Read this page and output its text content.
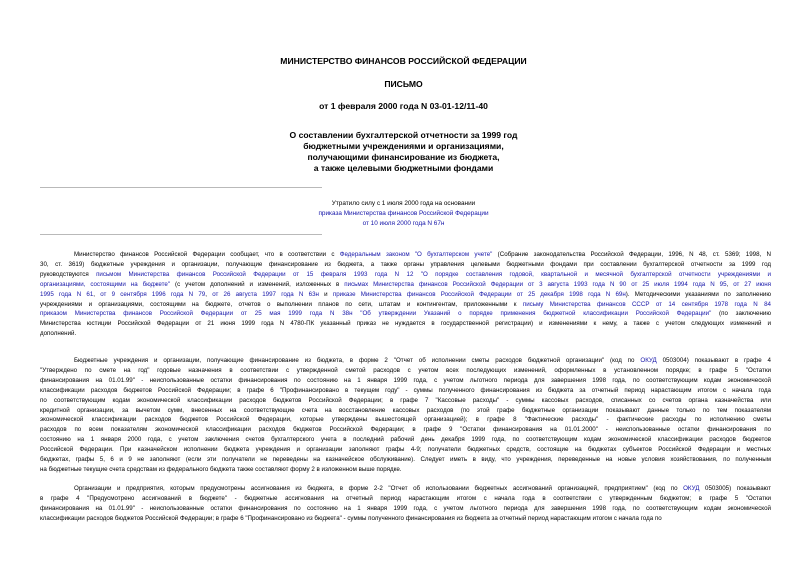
МИНИСТЕРСТВО ФИНАНСОВ РОССИЙСКОЙ ФЕДЕРАЦИИ
ПИСЬМО
от 1 февраля 2000 года N 03-01-12/11-40
О составлении бухгалтерской отчетности за 1999 год
бюджетными учреждениями и организациями,
получающими финансирование из бюджета,
а также целевыми бюджетными фондами
Утратило силу с 1 июля 2000 года на основании
приказа Министерства финансов Российской Федерации
от 10 июля 2000 года N 67н

Министерство финансов Российской Федерации сообщает, что в соответствии с Федеральным законом "О бухгалтерском учете" (Собрание законодательства Российской Федерации, 1996, N 48, ст. 5369; 1998, N
30, ст. 3619) бюджетные учреждения и организации, получающие финансирование из бюджета, а также органы управления целевыми бюджетными фондами при составлении бухгалтерской отчетности за 1999 год
руководствуются письмом Министерства финансов Российской Федерации от 15 февраля 1993 года N 12 "О порядке составления годовой, квартальной и месячной бухгалтерской отчетности учреждениями и
организациями, состоящими на бюджете" (с учетом дополнений и изменений, изложенных в письмах Министерства финансов Российской Федерации от 3 августа 1993 года N 90 от 25 июля 1994 года N 95, от 27 июня
1995 года N 61, от 9 сентября 1996 года N 79, от 26 августа 1997 года N 63н и приказе Министерства финансов Российской Федерации от 25 декабря 1998 года N 69н). Методическими указаниями по заполнению
учреждениями и организациями, состоящими на бюджете, отчетов о выполнении планов по сети, штатам и контингентам, приложенными к письму Министерства финансов СССР от 14 сентября 1978 года N 84
приказом Министерства финансов Российской Федерации от 25 мая 1999 года N 38н "Об утверждении Указаний о порядке применения бюджетной классификации Российской Федерации" (по заключению
Министерства юстиции Российской Федерации от 21 июня 1999 года N 4780-ПК указанный приказ не нуждается в государственной регистрации) и изменениями к нему, а также с учетом следующих изменений и
дополнений.

Бюджетные учреждения и организации, получающие финансирование из бюджета, в форме 2 "Отчет об исполнении сметы расходов бюджетной организации" (код по ОКУД 0503004) показывают в графе 4
"Утверждено по смете на год" годовые назначения в соответствии с утвержденной сметой расходов с учетом всех последующих изменений, оформленных в установленном порядке; в графе 5 "Остатки
финансирования на 01.01.99" - неиспользованные остатки финансирования по состоянию на 1 января 1999 года, с учетом льготного периода для завершения 1998 года, по соответствующим кодам экономической
классификации расходов бюджетов Российской Федерации; в графе 6 "Профинансировано в текущем году" - суммы полученного финансирования из бюджета за отчетный период нарастающим итогом с начала года
по соответствующим кодам экономической классификации расходов бюджетов Российской Федерации; в графе 7 "Кассовые расходы" - суммы кассовых расходов, списанных со счетов органа казначейства или
кредитной организации, за вычетом сумм, внесенных на соответствующие счета на восстановление кассовых расходов (по этой графе бюджетные организации показывают данные только по тем показателям
экономической классификации расходов бюджетов Российской Федерации, которые утверждены вышестоящей организацией); в графе 8 "Фактические расходы" - фактические расходы по исполнению сметы
расходов по всем показателям экономической классификации расходов бюджетов Российской Федерации; в графе 9 "Остатки финансирования на 01.01.2000" - неиспользованные остатки финансирования по
состоянию на 1 января 2000 года, с учетом заключения счетов бухгалтерского учета в последний рабочий день декабря 1999 года, по соответствующим кодам экономической классификации расходов бюджетов
Российской Федерации. При казначейском исполнении бюджета учреждения и организации заполняют графы 4-9; получатели бюджетных средств, состоящие на бюджетах субъектов Российской Федерации и местных
бюджетах, графы 5, 6 и 9 не заполняют (если эти получатели не переведены на казначейское обслуживание). Следует иметь в виду, что учреждения, переведенные на новые условия хозяйствования, по полученным
на бюджетные текущие счета средствам из федерального бюджета также составляют форму 2 в изложенном выше порядке.

Организации и предприятия, которым предусмотрены ассигнования из бюджета, в форме 2-2 "Отчет об использовании бюджетных ассигнований организацией, предприятием" (код по ОКУД 0503005) показывают
в графе 4 "Предусмотрено ассигнований в бюджете" - бюджетные ассигнования на отчетный период нарастающим итогом с начала года в соответствии с утвержденным бюджетом; в графе 5 "Остатки
финансирования на 01.01.99" - неиспользованные остатки финансирования по состоянию на 1 января 1999 года, с учетом льготного периода для завершения 1998 года, по соответствующим кодам экономической
классификации расходов бюджетов Российской Федерации; в графе 6 "Профинансировано из бюджета" - суммы полученного финансирования из бюджета за отчетный период нарастающим итогом с начала года по
